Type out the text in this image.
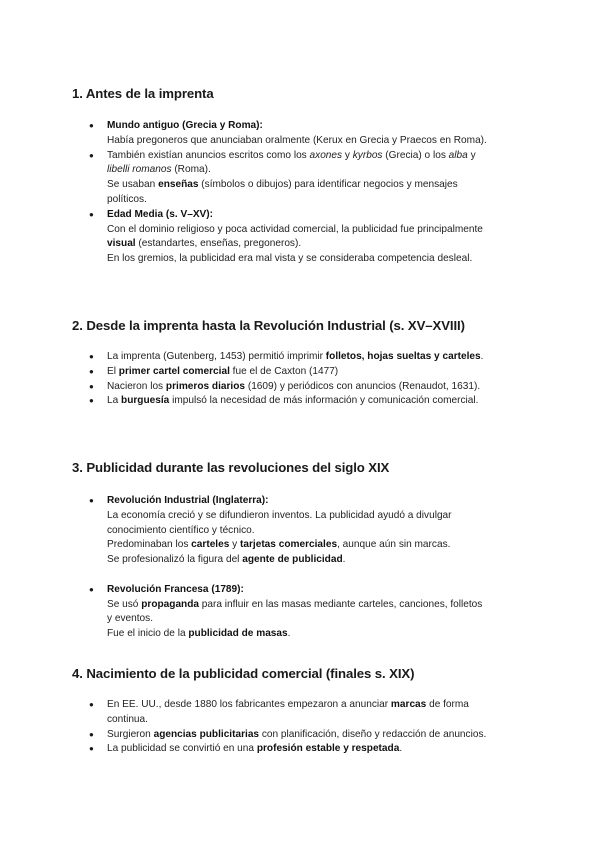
1. Antes de la imprenta
● Mundo antiguo (Grecia y Roma):
Había pregoneros que anunciaban oralmente (Kerux en Grecia y Praecos en Roma).
● También existían anuncios escritos como los axones y kyrbos (Grecia) o los alba y
libelli romanos (Roma).
Se usaban enseñas (símbolos o dibujos) para identificar negocios y mensajes
políticos.
● Edad Media (s. V–XV):
Con el dominio religioso y poca actividad comercial, la publicidad fue principalmente
visual (estandartes, enseñas, pregoneros).
En los gremios, la publicidad era mal vista y se consideraba competencia desleal.
2. Desde la imprenta hasta la Revolución Industrial (s. XV–XVIII)
● La imprenta (Gutenberg, 1453) permitió imprimir folletos, hojas sueltas y carteles.
● El primer cartel comercial fue el de Caxton (1477)
● Nacieron los primeros diarios (1609) y periódicos con anuncios (Renaudot, 1631).
● La burguesía impulsó la necesidad de más información y comunicación comercial.
3. Publicidad durante las revoluciones del siglo XIX
● Revolución Industrial (Inglaterra):
La economía creció y se difundieron inventos. La publicidad ayudó a divulgar
conocimiento científico y técnico.
Predominaban los carteles y tarjetas comerciales, aunque aún sin marcas.
Se profesionalizó la figura del agente de publicidad.
● Revolución Francesa (1789):
Se usó propaganda para influir en las masas mediante carteles, canciones, folletos
y eventos.
Fue el inicio de la publicidad de masas.
4. Nacimiento de la publicidad comercial (finales s. XIX)
● En EE. UU., desde 1880 los fabricantes empezaron a anunciar marcas de forma
continua.
● Surgieron agencias publicitarias con planificación, diseño y redacción de anuncios.
● La publicidad se convirtió en una profesión estable y respetada.
